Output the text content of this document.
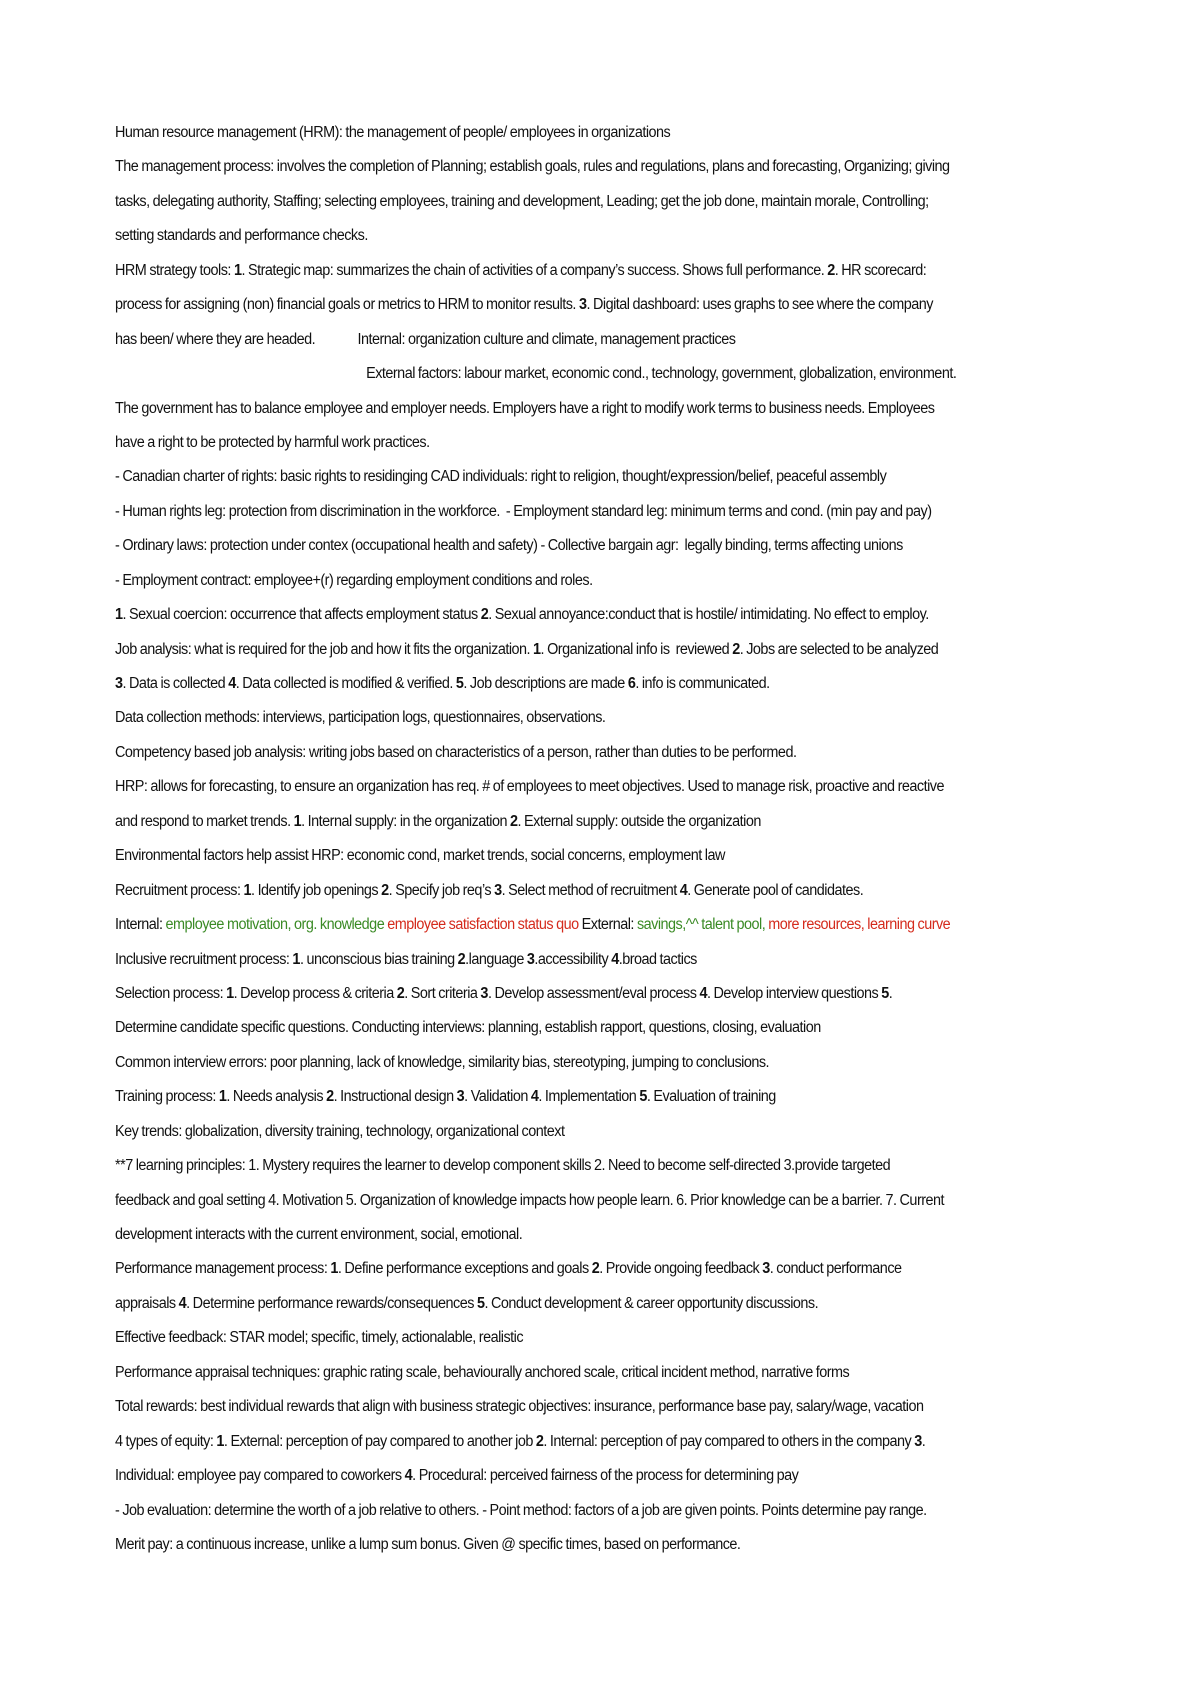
Human resource management (HRM): the management of people/ employees in organizations
The management process: involves the completion of Planning; establish goals, rules and regulations, plans and forecasting, Organizing; giving
tasks, delegating authority, Staffing; selecting employees, training and development, Leading; get the job done, maintain morale, Controlling;
setting standards and performance checks.
HRM strategy tools: 1. Strategic map: summarizes the chain of activities of a company’s success. Shows full performance. 2. HR scorecard:
process for assigning (non) financial goals or metrics to HRM to monitor results. 3. Digital dashboard: uses graphs to see where the company
has been/ where they are headed.              Internal: organization culture and climate, management practices
External factors: labour market, economic cond., technology, government, globalization, environment.
The government has to balance employee and employer needs. Employers have a right to modify work terms to business needs. Employees
have a right to be protected by harmful work practices.
- Canadian charter of rights: basic rights to residinging CAD individuals: right to religion, thought/expression/belief, peaceful assembly
- Human rights leg: protection from discrimination in the workforce.  - Employment standard leg: minimum terms and cond. (min pay and pay)
- Ordinary laws: protection under contex (occupational health and safety) - Collective bargain agr:  legally binding, terms affecting unions
- Employment contract: employee+(r) regarding employment conditions and roles.
1. Sexual coercion: occurrence that affects employment status 2. Sexual annoyance:conduct that is hostile/ intimidating. No effect to employ.
Job analysis: what is required for the job and how it fits the organization. 1. Organizational info is  reviewed 2. Jobs are selected to be analyzed
3. Data is collected 4. Data collected is modified & verified. 5. Job descriptions are made 6. info is communicated.
Data collection methods: interviews, participation logs, questionnaires, observations.
Competency based job analysis: writing jobs based on characteristics of a person, rather than duties to be performed.
HRP: allows for forecasting, to ensure an organization has req. # of employees to meet objectives. Used to manage risk, proactive and reactive
and respond to market trends. 1. Internal supply: in the organization 2. External supply: outside the organization
Environmental factors help assist HRP: economic cond, market trends, social concerns, employment law
Recruitment process: 1. Identify job openings 2. Specify job req’s 3. Select method of recruitment 4. Generate pool of candidates.
Internal: employee motivation, org. knowledge employee satisfaction status quo External: savings,^^ talent pool, more resources, learning curve
Inclusive recruitment process: 1. unconscious bias training 2.language 3.accessibility 4.broad tactics
Selection process: 1. Develop process & criteria 2. Sort criteria 3. Develop assessment/eval process 4. Develop interview questions 5.
Determine candidate specific questions. Conducting interviews: planning, establish rapport, questions, closing, evaluation
Common interview errors: poor planning, lack of knowledge, similarity bias, stereotyping, jumping to conclusions.
Training process: 1. Needs analysis 2. Instructional design 3. Validation 4. Implementation 5. Evaluation of training
Key trends: globalization, diversity training, technology, organizational context
**7 learning principles: 1. Mystery requires the learner to develop component skills 2. Need to become self-directed 3.provide targeted
feedback and goal setting 4. Motivation 5. Organization of knowledge impacts how people learn. 6. Prior knowledge can be a barrier. 7. Current
development interacts with the current environment, social, emotional.
Performance management process: 1. Define performance exceptions and goals 2. Provide ongoing feedback 3. conduct performance
appraisals 4. Determine performance rewards/consequences 5. Conduct development & career opportunity discussions.
Effective feedback: STAR model; specific, timely, actionalable, realistic
Performance appraisal techniques: graphic rating scale, behaviourally anchored scale, critical incident method, narrative forms
Total rewards: best individual rewards that align with business strategic objectives: insurance, performance base pay, salary/wage, vacation
4 types of equity: 1. External: perception of pay compared to another job 2. Internal: perception of pay compared to others in the company 3.
Individual: employee pay compared to coworkers 4. Procedural: perceived fairness of the process for determining pay
- Job evaluation: determine the worth of a job relative to others. - Point method: factors of a job are given points. Points determine pay range.
Merit pay: a continuous increase, unlike a lump sum bonus. Given @ specific times, based on performance.
